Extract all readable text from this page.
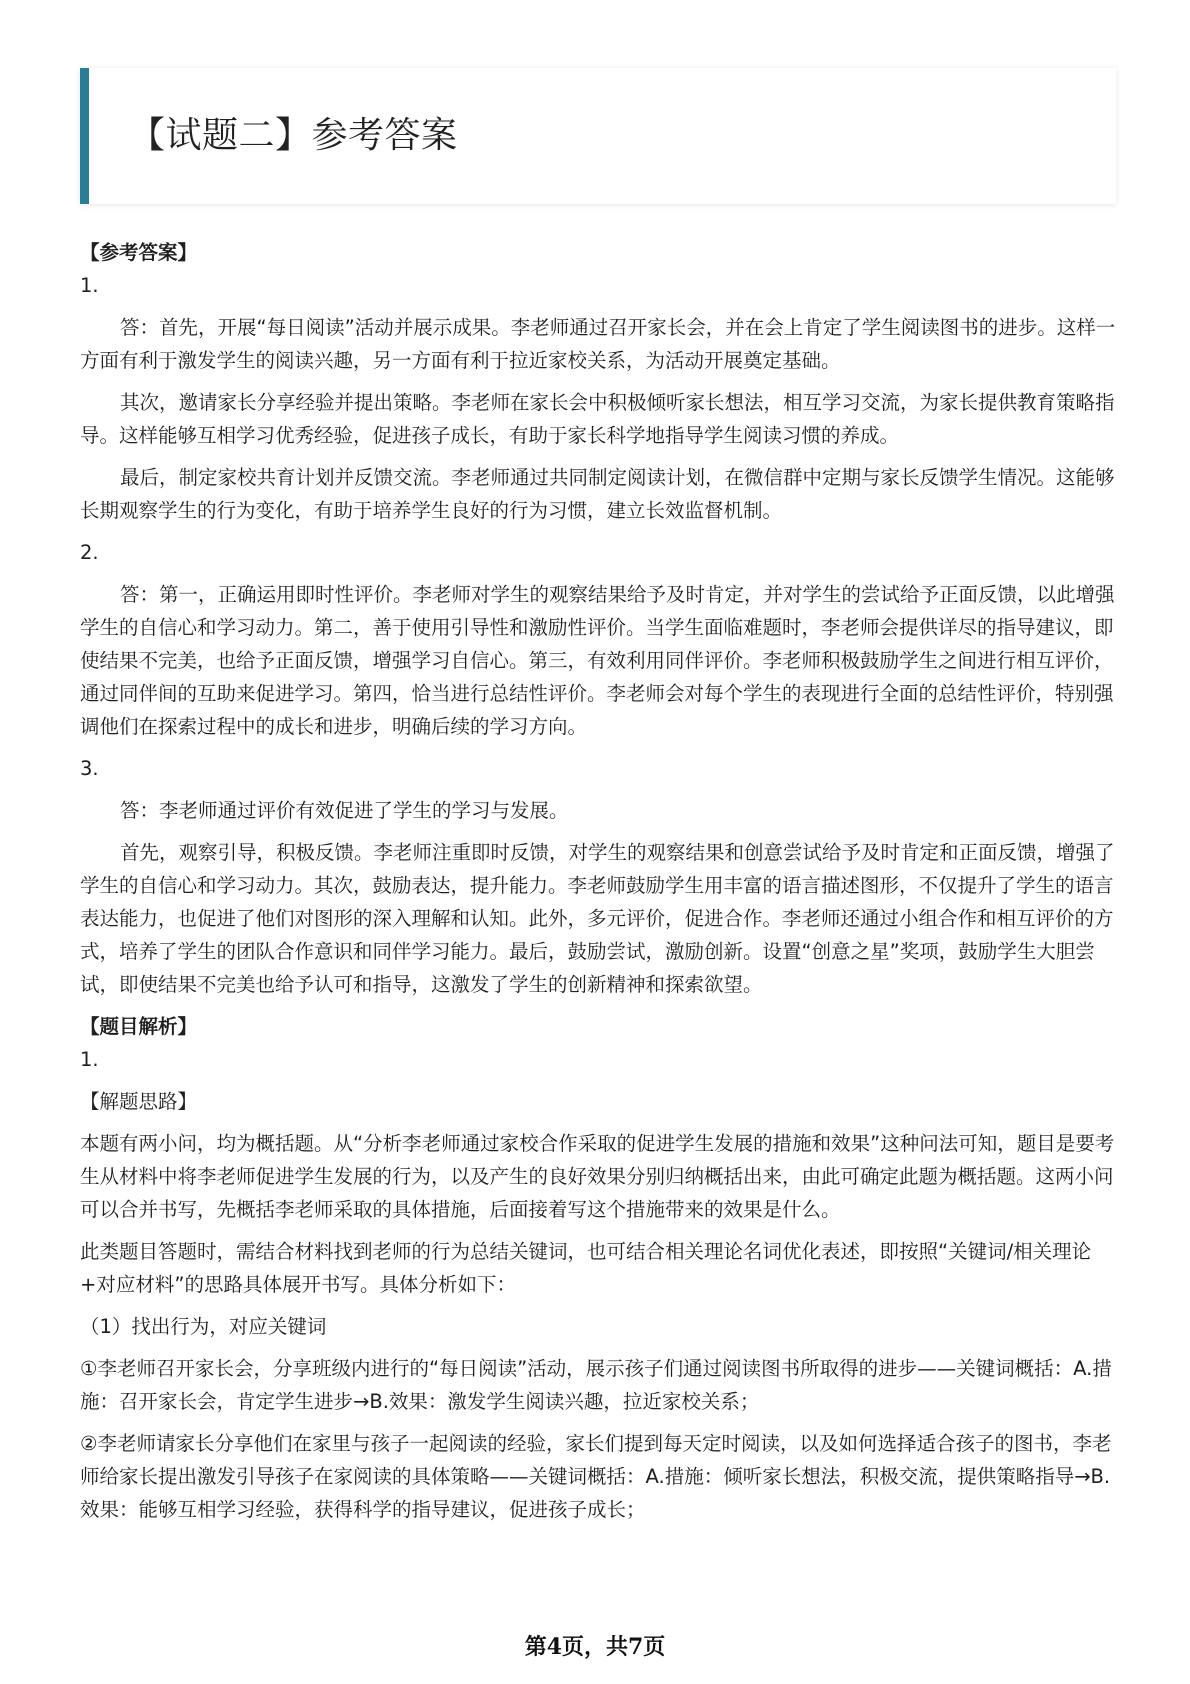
【试题二】参考答案

【参考答案】

1.

答：首先，开展“每日阅读”活动并展示成果。李老师通过召开家长会，并在会上肯定了学生阅读图书的进步。这样一方面有利于激发学生的阅读兴趣，另一方面有利于拉近家校关系，为活动开展奠定基础。

其次，邀请家长分享经验并提出策略。李老师在家长会中积极倾听家长想法，相互学习交流，为家长提供教育策略指导。这样能够互相学习优秀经验，促进孩子成长，有助于家长科学地指导学生阅读习惯的养成。

最后，制定家校共育计划并反馈交流。李老师通过共同制定阅读计划，在微信群中定期与家长反馈学生情况。这能够长期观察学生的行为变化，有助于培养学生良好的行为习惯，建立长效监督机制。

2.

答：第一，正确运用即时性评价。李老师对学生的观察结果给予及时肯定，并对学生的尝试给予正面反馈，以此增强学生的自信心和学习动力。第二，善于使用引导性和激励性评价。当学生面临难题时，李老师会提供详尽的指导建议，即使结果不完美，也给予正面反馈，增强学习自信心。第三，有效利用同伴评价。李老师积极鼓励学生之间进行相互评价，通过同伴间的互助来促进学习。第四，恰当进行总结性评价。李老师会对每个学生的表现进行全面的总结性评价，特别强调他们在探索过程中的成长和进步，明确后续的学习方向。

3.

答：李老师通过评价有效促进了学生的学习与发展。

首先，观察引导，积极反馈。李老师注重即时反馈，对学生的观察结果和创意尝试给予及时肯定和正面反馈，增强了学生的自信心和学习动力。其次，鼓励表达，提升能力。李老师鼓励学生用丰富的语言描述图形，不仅提升了学生的语言表达能力，也促进了他们对图形的深入理解和认知。此外，多元评价，促进合作。李老师还通过小组合作和相互评价的方式，培养了学生的团队合作意识和同伴学习能力。最后，鼓励尝试，激励创新。设置“创意之星”奖项，鼓励学生大胆尝试，即使结果不完美也给予认可和指导，这激发了学生的创新精神和探索欲望。

【题目解析】

1.

【解题思路】

本题有两小问，均为概括题。从“分析李老师通过家校合作采取的促进学生发展的措施和效果”这种问法可知，题目是要考生从材料中将李老师促进学生发展的行为，以及产生的良好效果分别归纳概括出来，由此可确定此题为概括题。这两小问可以合并书写，先概括李老师采取的具体措施，后面接着写这个措施带来的效果是什么。

此类题目答题时，需结合材料找到老师的行为总结关键词，也可结合相关理论名词优化表述，即按照“关键词/相关理论+对应材料”的思路具体展开书写。具体分析如下：

（1）找出行为，对应关键词

①李老师召开家长会，分享班级内进行的“每日阅读”活动，展示孩子们通过阅读图书所取得的进步——关键词概括：A.措施：召开家长会，肯定学生进步→B.效果：激发学生阅读兴趣，拉近家校关系；

②李老师请家长分享他们在家里与孩子一起阅读的经验，家长们提到每天定时阅读，以及如何选择适合孩子的图书，李老师给家长提出激发引导孩子在家阅读的具体策略——关键词概括：A.措施：倾听家长想法，积极交流，提供策略指导→B.效果：能够互相学习经验，获得科学的指导建议，促进孩子成长；

第4页，共7页
